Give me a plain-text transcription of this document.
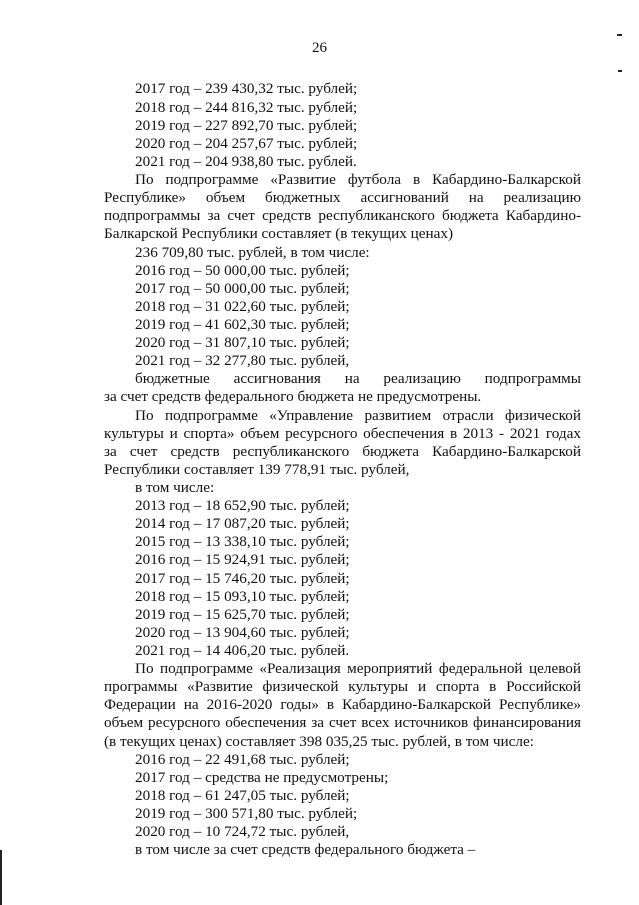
26
2017 год – 239 430,32 тыс. рублей;
2018 год – 244 816,32 тыс. рублей;
2019 год – 227 892,70 тыс. рублей;
2020 год – 204 257,67 тыс. рублей;
2021 год – 204 938,80 тыс. рублей.
По подпрограмме «Развитие футбола в Кабардино-Балкарской
Республике» объем бюджетных ассигнований на реализацию
подпрограммы за счет средств республиканского бюджета Кабардино-
Балкарской Республики составляет (в текущих ценах)
236 709,80 тыс. рублей, в том числе:
2016 год – 50 000,00 тыс. рублей;
2017 год – 50 000,00 тыс. рублей;
2018 год – 31 022,60 тыс. рублей;
2019 год – 41 602,30 тыс. рублей;
2020 год – 31 807,10 тыс. рублей;
2021 год – 32 277,80 тыс. рублей,
бюджетные ассигнования на реализацию подпрограммы
за счет средств федерального бюджета не предусмотрены.
По подпрограмме «Управление развитием отрасли физической
культуры и спорта» объем ресурсного обеспечения в 2013 - 2021 годах
за счет средств республиканского бюджета Кабардино-Балкарской
Республики составляет 139 778,91 тыс. рублей,
в том числе:
2013 год – 18 652,90 тыс. рублей;
2014 год – 17 087,20 тыс. рублей;
2015 год – 13 338,10 тыс. рублей;
2016 год – 15 924,91 тыс. рублей;
2017 год – 15 746,20 тыс. рублей;
2018 год – 15 093,10 тыс. рублей;
2019 год – 15 625,70 тыс. рублей;
2020 год – 13 904,60 тыс. рублей;
2021 год – 14 406,20 тыс. рублей.
По подпрограмме «Реализация мероприятий федеральной целевой
программы «Развитие физической культуры и спорта в Российской
Федерации на 2016-2020 годы» в Кабардино-Балкарской Республике»
объем ресурсного обеспечения за счет всех источников финансирования
(в текущих ценах) составляет 398 035,25 тыс. рублей, в том числе:
2016 год – 22 491,68 тыс. рублей;
2017 год – средства не предусмотрены;
2018 год – 61 247,05 тыс. рублей;
2019 год – 300 571,80 тыс. рублей;
2020 год – 10 724,72 тыс. рублей,
в том числе за счет средств федерального бюджета –
